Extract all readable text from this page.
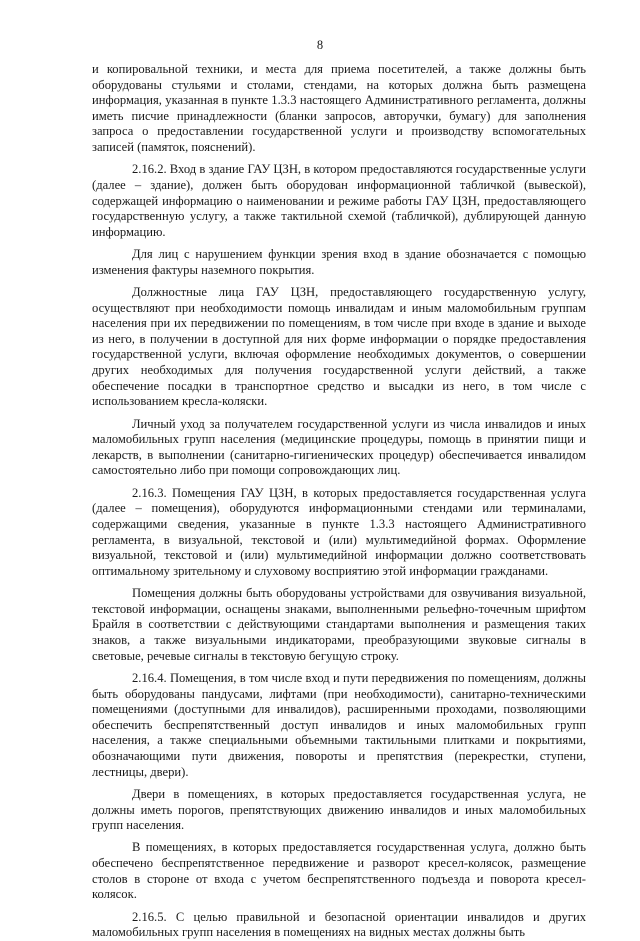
8

и копировальной техники, и места для приема посетителей, а также должны быть оборудованы стульями и столами, стендами, на которых должна быть размещена информация, указанная в пункте 1.3.3 настоящего Административного регламента, должны иметь писчие принадлежности (бланки запросов, авторучки, бумагу) для заполнения запроса о предоставлении государственной услуги и производству вспомогательных записей (памяток, пояснений).

2.16.2. Вход в здание ГАУ ЦЗН, в котором предоставляются государственные услуги (далее – здание), должен быть оборудован информационной табличкой (вывеской), содержащей информацию о наименовании и режиме работы ГАУ ЦЗН, предоставляющего государственную услугу, а также тактильной схемой (табличкой), дублирующей данную информацию.

Для лиц с нарушением функции зрения вход в здание обозначается с помощью изменения фактуры наземного покрытия.

Должностные лица ГАУ ЦЗН, предоставляющего государственную услугу, осуществляют при необходимости помощь инвалидам и иным маломобильным группам населения при их передвижении по помещениям, в том числе при входе в здание и выходе из него, в получении в доступной для них форме информации о порядке предоставления государственной услуги, включая оформление необходимых документов, о совершении других необходимых для получения государственной услуги действий, а также обеспечение посадки в транспортное средство и высадки из него, в том числе с использованием кресла-коляски.

Личный уход за получателем государственной услуги из числа инвалидов и иных маломобильных групп населения (медицинские процедуры, помощь в принятии пищи и лекарств, в выполнении (санитарно-гигиенических процедур) обеспечивается инвалидом самостоятельно либо при помощи сопровождающих лиц.

2.16.3. Помещения ГАУ ЦЗН, в которых предоставляется государственная услуга (далее – помещения), оборудуются информационными стендами или терминалами, содержащими сведения, указанные в пункте 1.3.3 настоящего Административного регламента, в визуальной, текстовой и (или) мультимедийной формах. Оформление визуальной, текстовой и (или) мультимедийной информации должно соответствовать оптимальному зрительному и слуховому восприятию этой информации гражданами.

Помещения должны быть оборудованы устройствами для озвучивания визуальной, текстовой информации, оснащены знаками, выполненными рельефно-точечным шрифтом Брайля в соответствии с действующими стандартами выполнения и размещения таких знаков, а также визуальными индикаторами, преобразующими звуковые сигналы в световые, речевые сигналы в текстовую бегущую строку.

2.16.4. Помещения, в том числе вход и пути передвижения по помещениям, должны быть оборудованы пандусами, лифтами (при необходимости), санитарно-техническими помещениями (доступными для инвалидов), расширенными проходами, позволяющими обеспечить беспрепятственный доступ инвалидов и иных маломобильных групп населения, а также специальными объемными тактильными плитками и покрытиями, обозначающими пути движения, повороты и препятствия (перекрестки, ступени, лестницы, двери).

Двери в помещениях, в которых предоставляется государственная услуга, не должны иметь порогов, препятствующих движению инвалидов и иных маломобильных групп населения.

В помещениях, в которых предоставляется государственная услуга, должно быть обеспечено беспрепятственное передвижение и разворот кресел-колясок, размещение столов в стороне от входа с учетом беспрепятственного подъезда и поворота кресел-колясок.

2.16.5. С целью правильной и безопасной ориентации инвалидов и других маломобильных групп населения в помещениях на видных местах должны быть
